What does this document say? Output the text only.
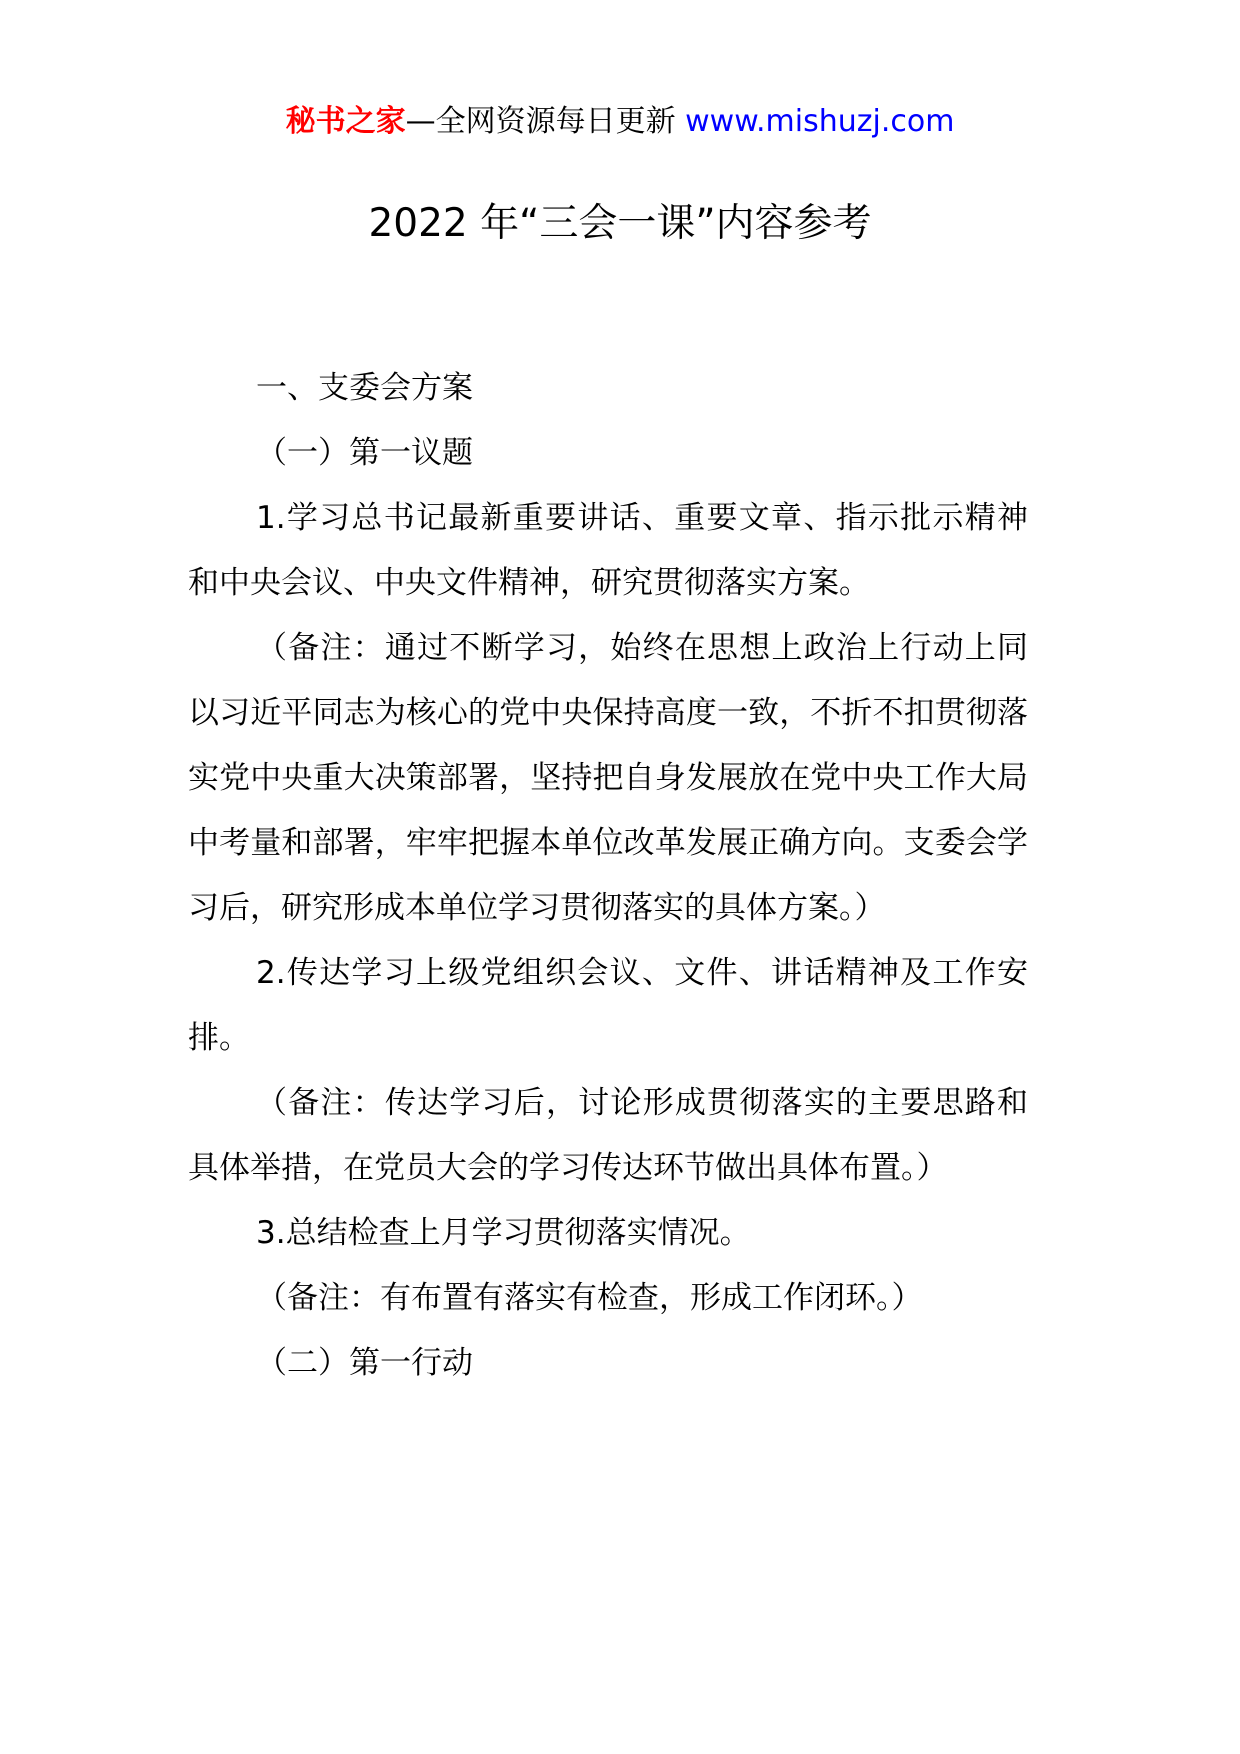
秘书之家—全网资源每日更新 www.mishuzj.com
2022 年“三会一课”内容参考

一、支委会方案

（一）第一议题

1.学习总书记最新重要讲话、重要文章、指示批示精神和中央会议、中央文件精神，研究贯彻落实方案。

（备注：通过不断学习，始终在思想上政治上行动上同以习近平同志为核心的党中央保持高度一致，不折不扣贯彻落实党中央重大决策部署，坚持把自身发展放在党中央工作大局中考量和部署，牢牢把握本单位改革发展正确方向。支委会学习后，研究形成本单位学习贯彻落实的具体方案。）

2.传达学习上级党组织会议、文件、讲话精神及工作安排。

（备注：传达学习后，讨论形成贯彻落实的主要思路和具体举措，在党员大会的学习传达环节做出具体布置。）

3.总结检查上月学习贯彻落实情况。

（备注：有布置有落实有检查，形成工作闭环。）

（二）第一行动
